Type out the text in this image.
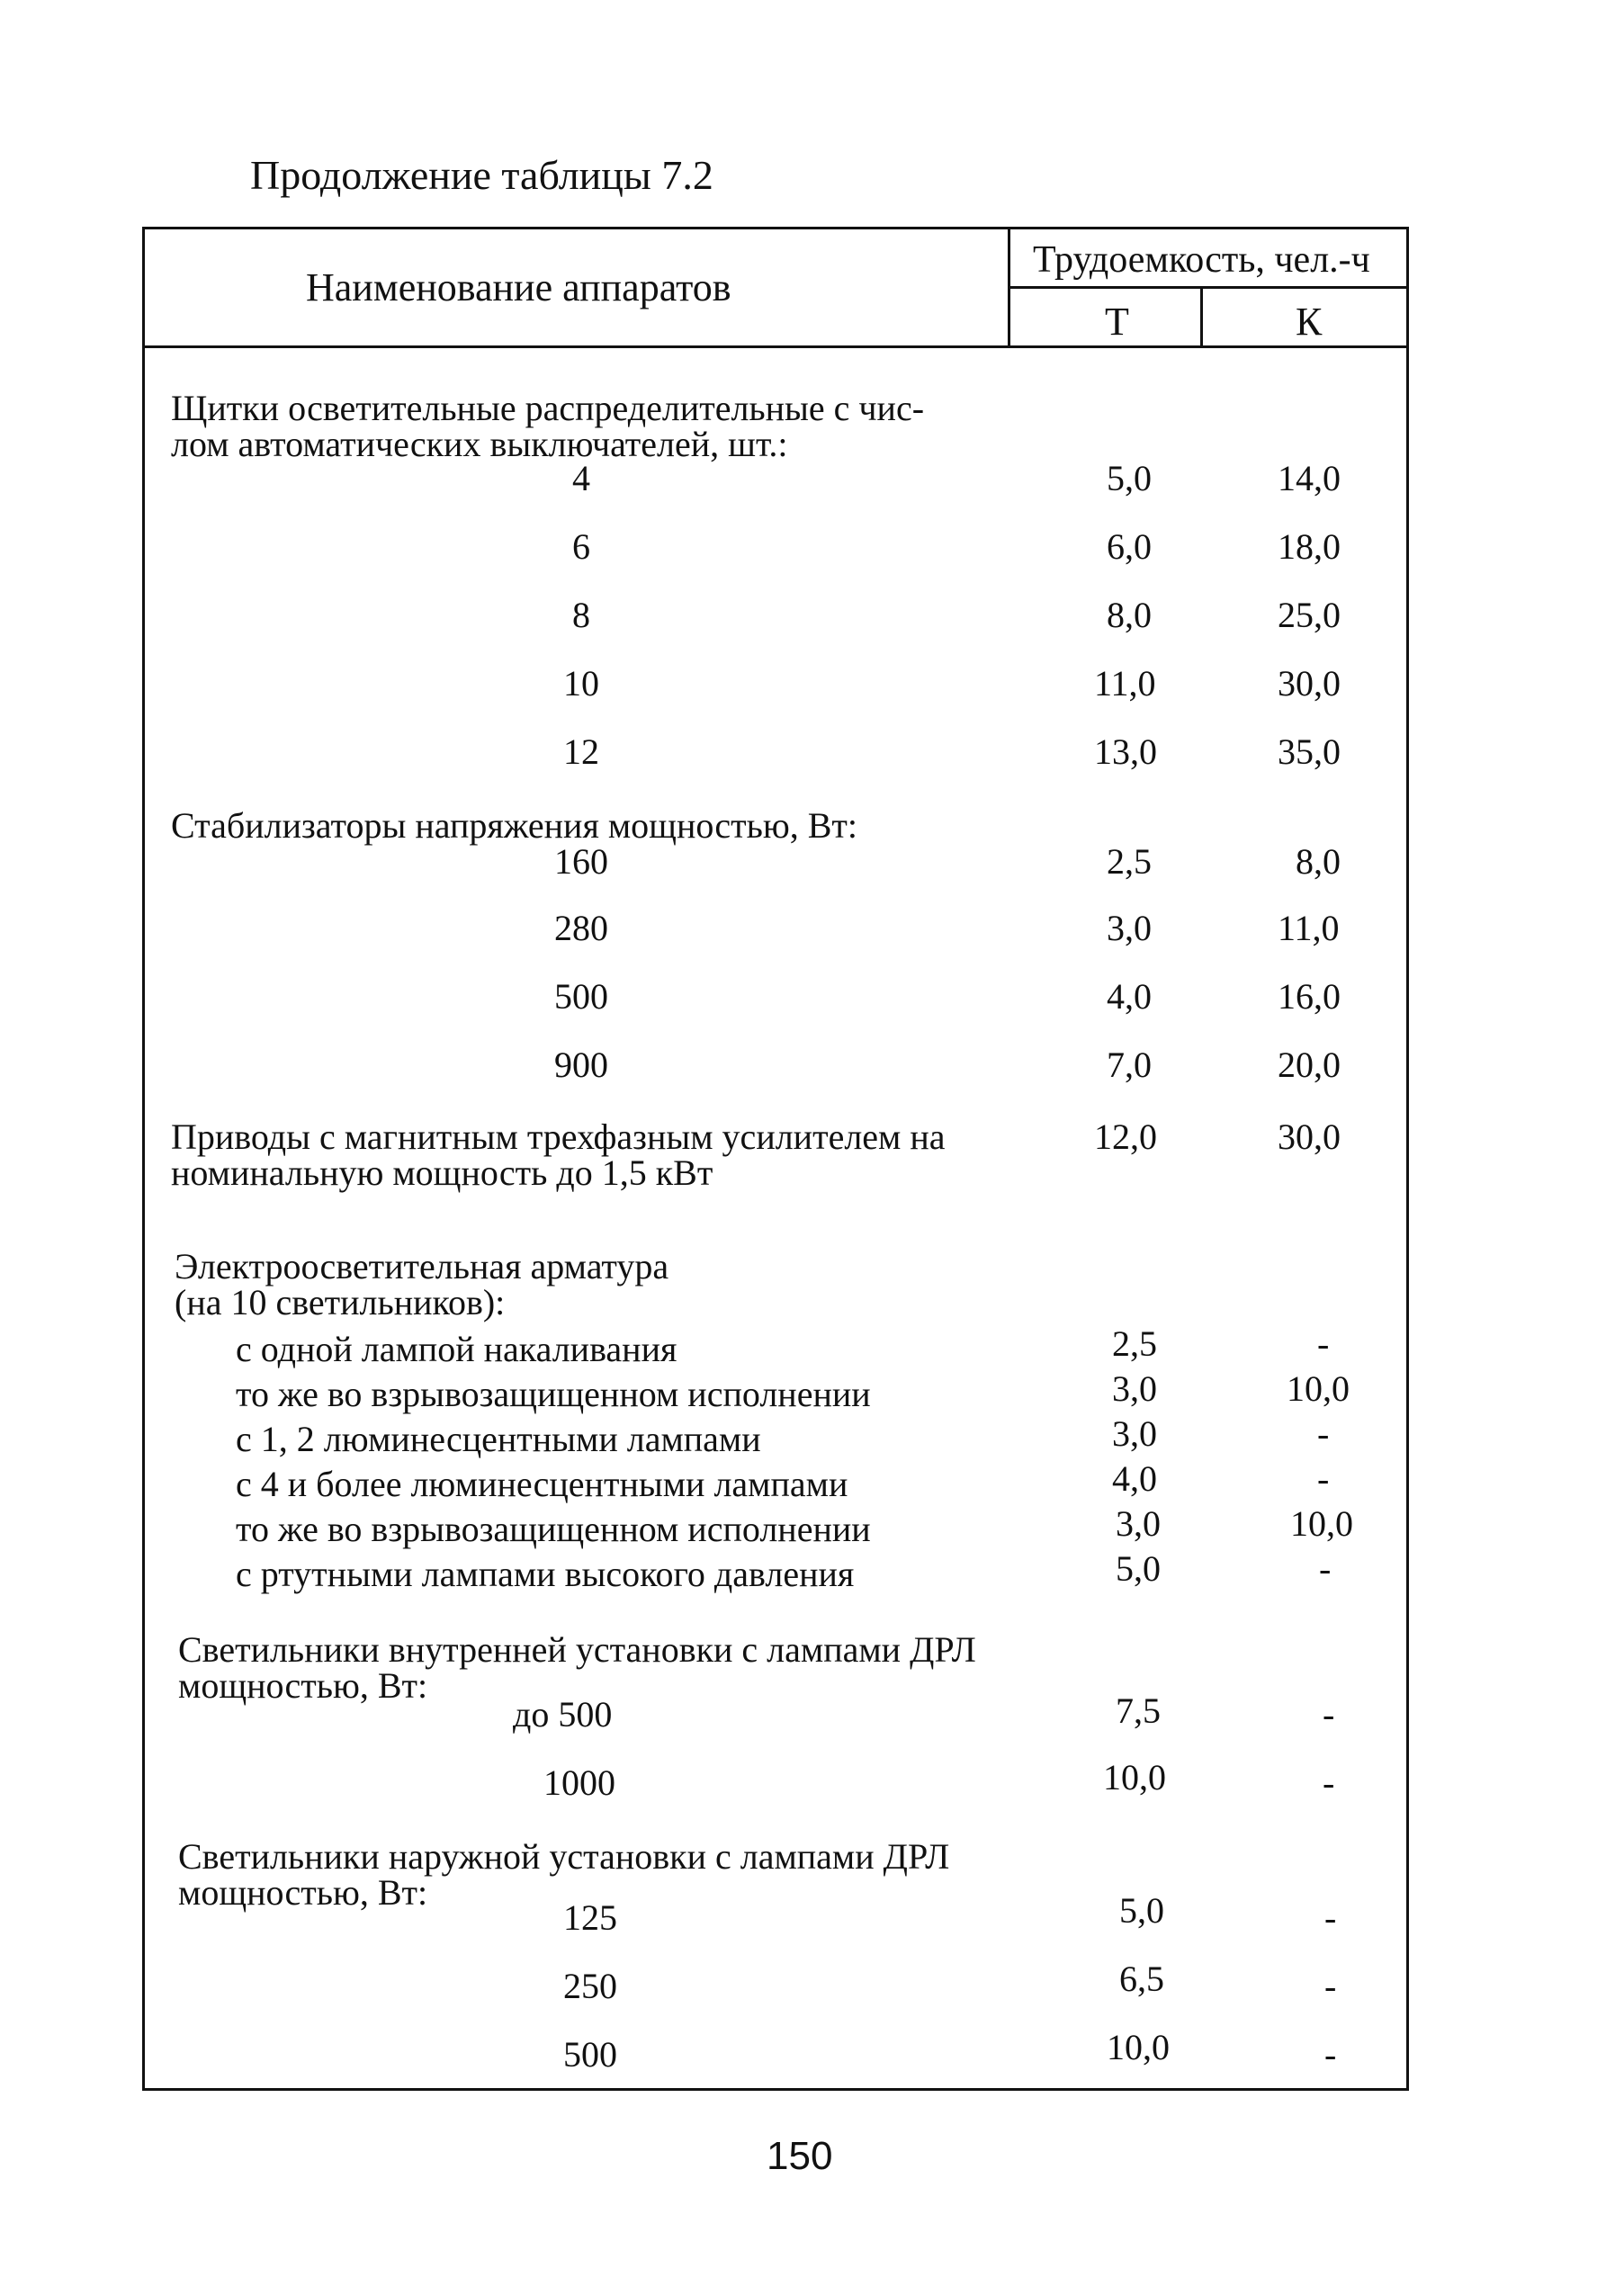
Продолжение таблицы 7.2
Наименование аппаратов
Трудоемкость, чел.-ч
Т	К
Щитки осветительные распределительные с чис-
лом автоматических выключателей, шт.:
4	5,0	14,0
6	6,0	18,0
8	8,0	25,0
10	11,0	30,0
12	13,0	35,0
Стабилизаторы напряжения мощностью, Вт:
160	2,5	8,0
280	3,0	11,0
500	4,0	16,0
900	7,0	20,0
Приводы с магнитным трехфазным усилителем на
номинальную мощность до 1,5 кВт
12,0	30,0
Электроосветительная арматура
(на 10 светильников):
с одной лампой накаливания	2,5	-
то же во взрывозащищенном исполнении	3,0	10,0
с 1, 2 люминесцентными лампами	3,0	-
с 4 и более люминесцентными лампами	4,0	-
то же во взрывозащищенном исполнении	3,0	10,0
с ртутными лампами высокого давления	5,0	-
Светильники внутренней установки с лампами ДРЛ
мощностью, Вт:
до 500	7,5	-
1000	10,0	-
Светильники наружной установки с лампами ДРЛ
мощностью, Вт:
125	5,0	-
250	6,5	-
500	10,0	-
150
